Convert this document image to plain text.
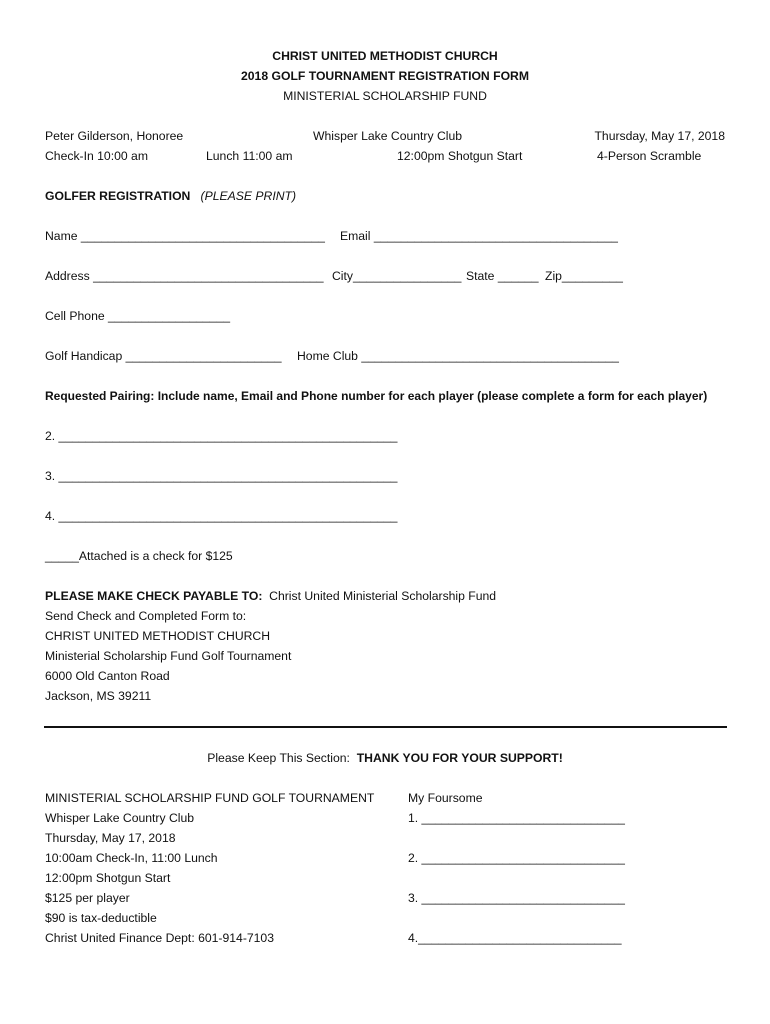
CHRIST UNITED METHODIST CHURCH
2018 GOLF TOURNAMENT REGISTRATION FORM
MINISTERIAL SCHOLARSHIP FUND
Peter Gilderson, Honoree	Whisper Lake Country Club	Thursday, May 17, 2018
Check-In 10:00 am	Lunch 11:00 am	12:00pm Shotgun Start	4-Person Scramble
GOLFER REGISTRATION (PLEASE PRINT)
Name ____________________________________ Email ____________________________________
Address __________________________________ City________________ State ______ Zip_________
Cell Phone __________________
Golf Handicap _______________________ Home Club ______________________________________
Requested Pairing: Include name, Email and Phone number for each player (please complete a form for each player)
2. __________________________________________________
3. __________________________________________________
4. __________________________________________________
_____Attached is a check for $125
PLEASE MAKE CHECK PAYABLE TO: Christ United Ministerial Scholarship Fund
Send Check and Completed Form to:
CHRIST UNITED METHODIST CHURCH
Ministerial Scholarship Fund Golf Tournament
6000 Old Canton Road
Jackson, MS 39211
Please Keep This Section: THANK YOU FOR YOUR SUPPORT!
MINISTERIAL SCHOLARSHIP FUND GOLF TOURNAMENT
Whisper Lake Country Club
Thursday, May 17, 2018
10:00am Check-In, 11:00 Lunch
12:00pm Shotgun Start
$125 per player
$90 is tax-deductible
Christ United Finance Dept: 601-914-7103
My Foursome
1. ______________________________
2. ______________________________
3. ______________________________
4.______________________________
